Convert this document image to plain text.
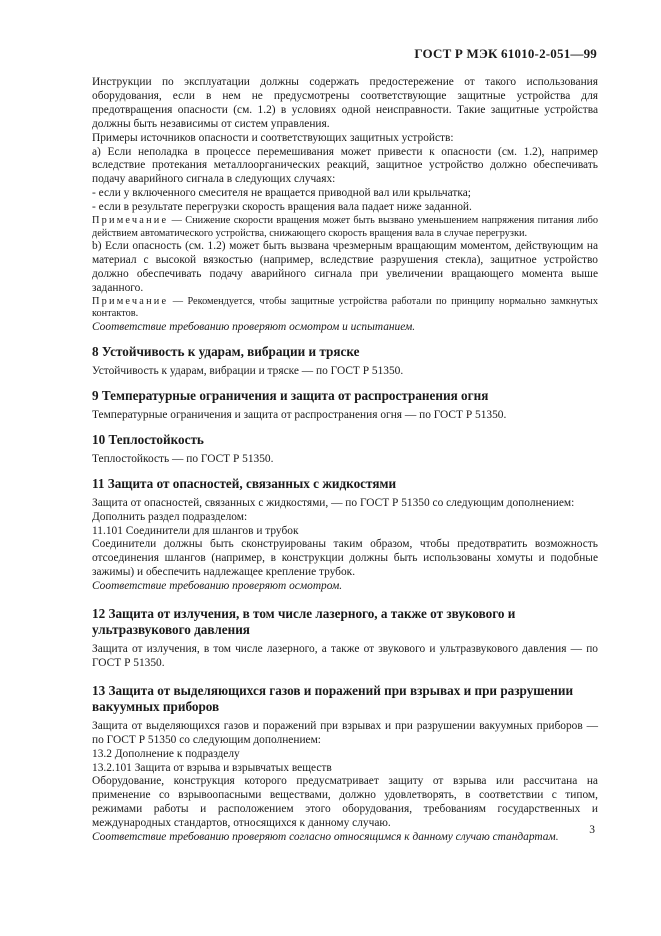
ГОСТ Р МЭК 61010-2-051—99

Инструкции по эксплуатации должны содержать предостережение от такого использования оборудования, если в нем не предусмотрены соответствующие защитные устройства для предотвращения опасности (см. 1.2) в условиях одной неисправности. Такие защитные устройства должны быть независимы от систем управления.

Примеры источников опасности и соответствующих защитных устройств:

a) Если неполадка в процессе перемешивания может привести к опасности (см. 1.2), например вследствие протекания металлоорганических реакций, защитное устройство должно обеспечивать подачу аварийного сигнала в следующих случаях:

- если у включенного смесителя не вращается приводной вал или крыльчатка;

- если в результате перегрузки скорость вращения вала падает ниже заданной.

Примечание — Снижение скорости вращения может быть вызвано уменьшением напряжения питания либо действием автоматического устройства, снижающего скорость вращения вала в случае перегрузки.

b) Если опасность (см. 1.2) может быть вызвана чрезмерным вращающим моментом, действующим на материал с высокой вязкостью (например, вследствие разрушения стекла), защитное устройство должно обеспечивать подачу аварийного сигнала при увеличении вращающего момента выше заданного.

Примечание — Рекомендуется, чтобы защитные устройства работали по принципу нормально замкнутых контактов.

Соответствие требованию проверяют осмотром и испытанием.

8 Устойчивость к ударам, вибрации и тряске

Устойчивость к ударам, вибрации и тряске — по ГОСТ Р 51350.

9 Температурные ограничения и защита от распространения огня

Температурные ограничения и защита от распространения огня — по ГОСТ Р 51350.

10 Теплостойкость

Теплостойкость — по ГОСТ Р 51350.

11 Защита от опасностей, связанных с жидкостями

Защита от опасностей, связанных с жидкостями, — по ГОСТ Р 51350 со следующим дополнением:

Дополнить раздел подразделом:

11.101 Соединители для шлангов и трубок

Соединители должны быть сконструированы таким образом, чтобы предотвратить возможность отсоединения шлангов (например, в конструкции должны быть использованы хомуты и подобные зажимы) и обеспечить надлежащее крепление трубок.

Соответствие требованию проверяют осмотром.

12 Защита от излучения, в том числе лазерного, а также от звукового и ультразвукового давления

Защита от излучения, в том числе лазерного, а также от звукового и ультразвукового давления — по ГОСТ Р 51350.

13 Защита от выделяющихся газов и поражений при взрывах и при разрушении вакуумных приборов

Защита от выделяющихся газов и поражений при взрывах и при разрушении вакуумных приборов — по ГОСТ Р 51350 со следующим дополнением:

13.2 Дополнение к подразделу

13.2.101 Защита от взрыва и взрывчатых веществ

Оборудование, конструкция которого предусматривает защиту от взрыва или рассчитана на применение со взрывоопасными веществами, должно удовлетворять, в соответствии с типом, режимами работы и расположением этого оборудования, требованиям государственных и международных стандартов, относящихся к данному случаю.

Соответствие требованию проверяют согласно относящимся к данному случаю стандартам.

3
